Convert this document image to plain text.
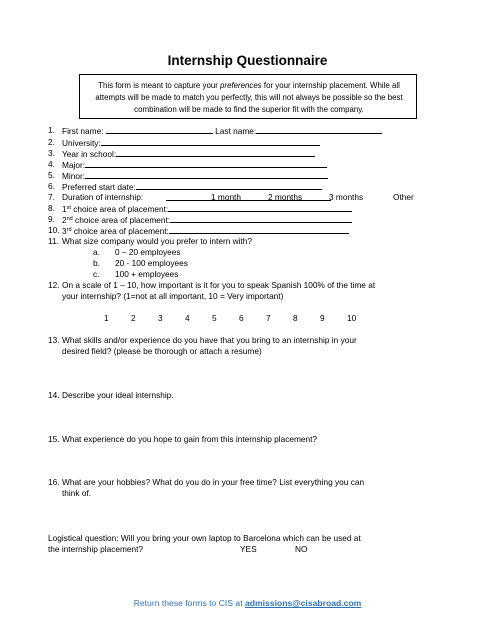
Internship Questionnaire
This form is meant to capture your preferences for your internship placement. While all
attempts will be made to match you perfectly, this will not always be possible so the best
combination will be made to find the superior fit with the company.
1. First name:	Last name:
2. University:
3. Year in school:
4. Major:
5. Minor:
6. Preferred start date:
7. Duration of internship:	1 month	2 months	3 months	Other
8. 1st choice area of placement:
9. 2nd choice area of placement:
10. 3rd choice area of placement:
11. What size company would you prefer to intern with?
a. 0 – 20 employees
b. 20 - 100 employees
c. 100 + employees
12. On a scale of 1 – 10, how important is it for you to speak Spanish 100% of the time at
your internship? (1=not at all important, 10 = Very important)
1	2	3	4	5	6	7	8	9	10
13. What skills and/or experience do you have that you bring to an internship in your
desired field? (please be thorough or attach a resume)
14. Describe your ideal internship.
15. What experience do you hope to gain from this internship placement?
16. What are your hobbies? What do you do in your free time? List everything you can
think of.
Logistical question: Will you bring your own laptop to Barcelona which can be used at
the internship placement?	YES	NO
Return these forms to CIS at admissions@cisabroad.com
